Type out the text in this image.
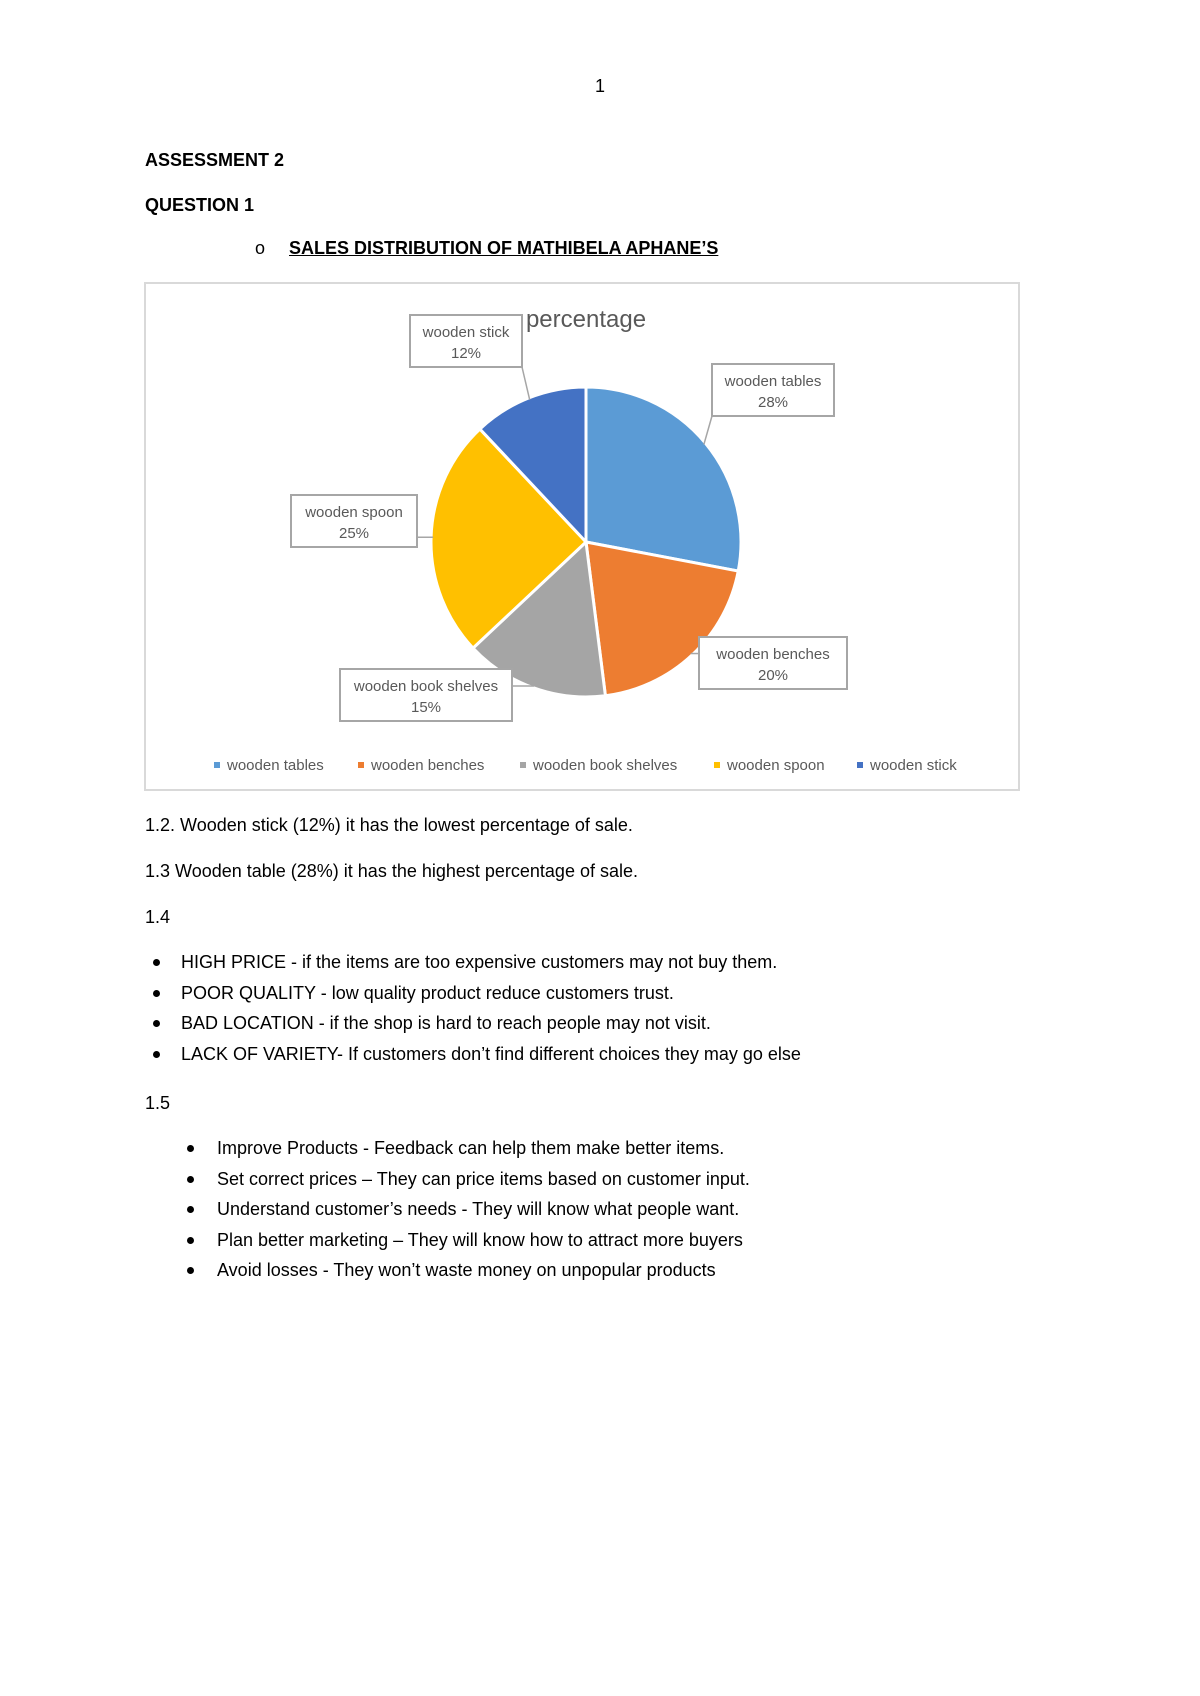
1
ASSESSMENT 2
QUESTION 1
o SALES DISTRIBUTION OF MATHIBELA APHANE’S
percentage
wooden tables
28%
wooden benches
20%
wooden book shelves
15%
wooden spoon
25%
wooden stick
12%
wooden tables	wooden benches	wooden book shelves	wooden spoon	wooden stick
1.2. Wooden stick (12%) it has the lowest percentage of sale.
1.3 Wooden table (28%) it has the highest percentage of sale.
1.4
HIGH PRICE - if the items are too expensive customers may not buy them.
POOR QUALITY - low quality product reduce customers trust.
BAD LOCATION - if the shop is hard to reach people may not visit.
LACK OF VARIETY- If customers don’t find different choices they may go else
1.5
Improve Products - Feedback can help them make better items.
Set correct prices – They can price items based on customer input.
Understand customer’s needs - They will know what people want.
Plan better marketing – They will know how to attract more buyers
Avoid losses - They won’t waste money on unpopular products
